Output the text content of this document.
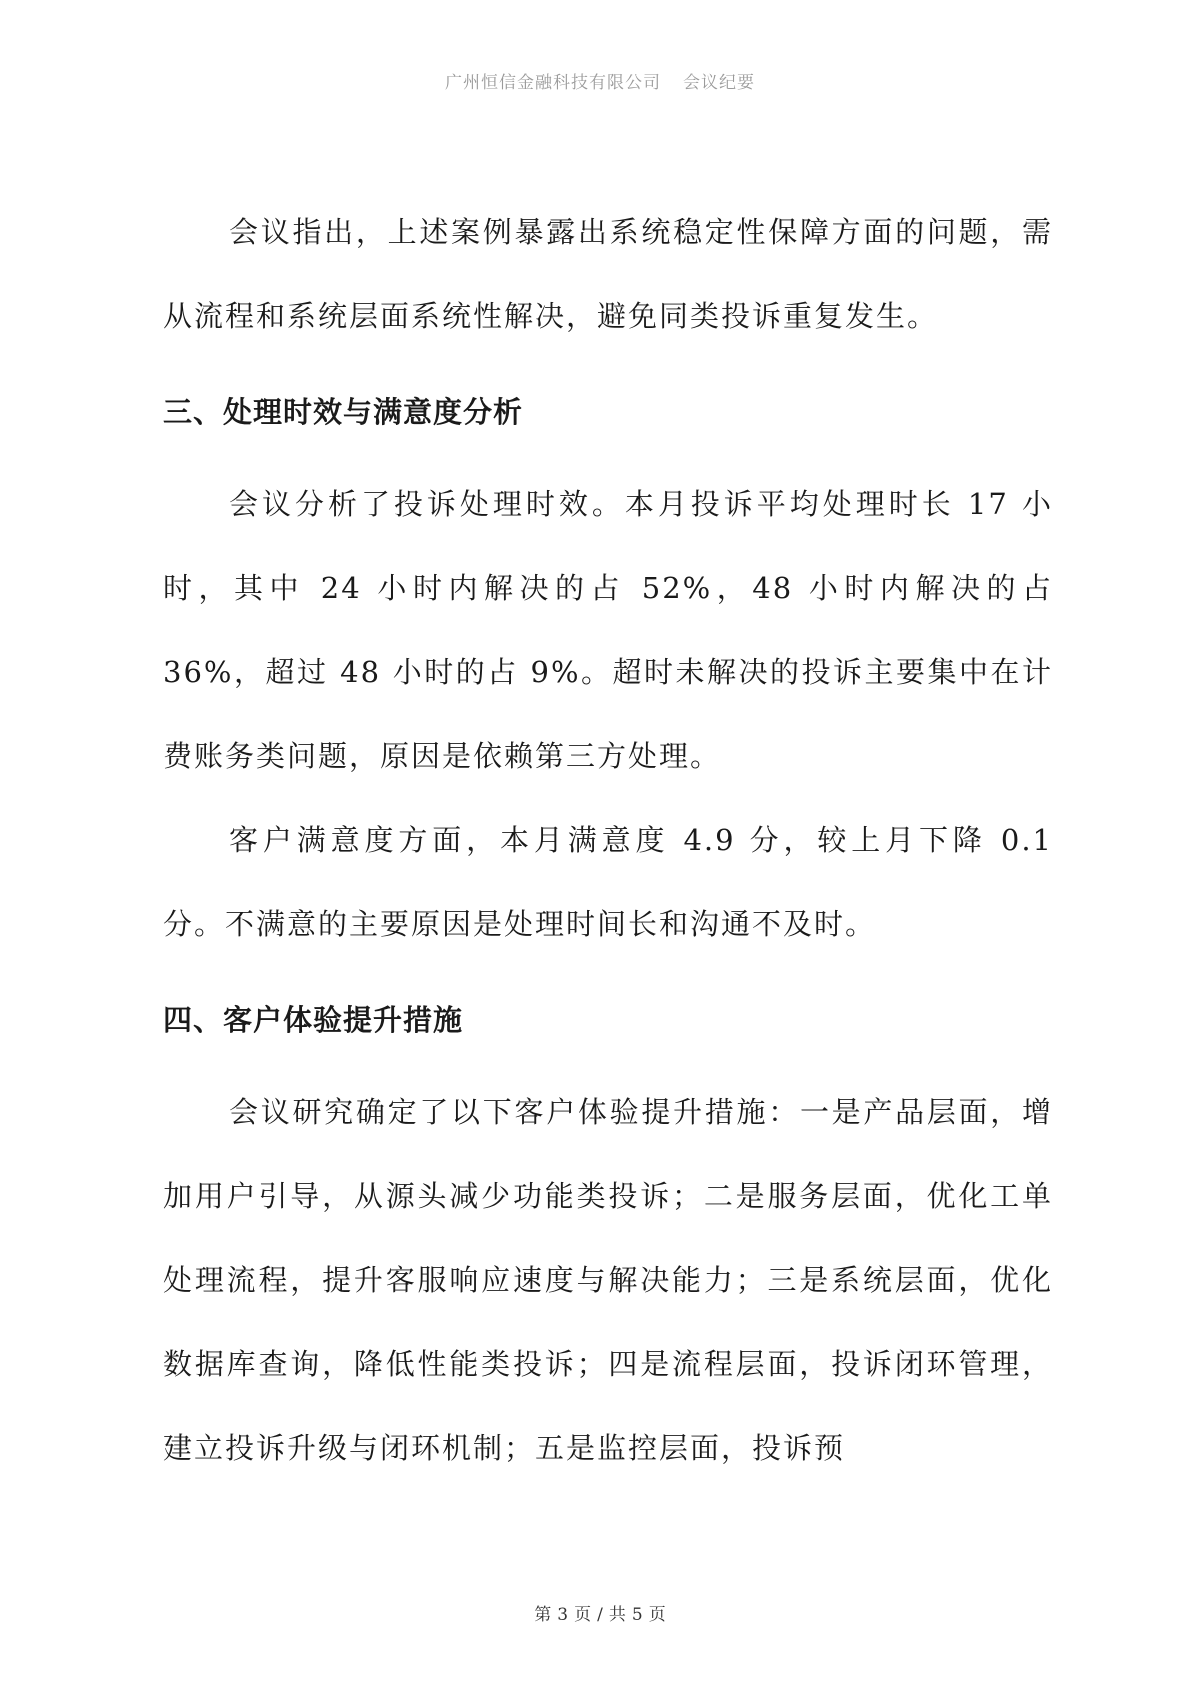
广州恒信金融科技有限公司 会议纪要

会议指出，上述案例暴露出系统稳定性保障方面的问题，需从流程和系统层面系统性解决，避免同类投诉重复发生。

三、处理时效与满意度分析

会议分析了投诉处理时效。本月投诉平均处理时长 17 小时，其中 24 小时内解决的占 52%，48 小时内解决的占 36%，超过 48 小时的占 9%。超时未解决的投诉主要集中在计费账务类问题，原因是依赖第三方处理。

客户满意度方面，本月满意度 4.9 分，较上月下降 0.1 分。不满意的主要原因是处理时间长和沟通不及时。

四、客户体验提升措施

会议研究确定了以下客户体验提升措施：一是产品层面，增加用户引导，从源头减少功能类投诉；二是服务层面，优化工单处理流程，提升客服响应速度与解决能力；三是系统层面，优化数据库查询，降低性能类投诉；四是流程层面，投诉闭环管理，建立投诉升级与闭环机制；五是监控层面，投诉预

第 3 页 / 共 5 页
